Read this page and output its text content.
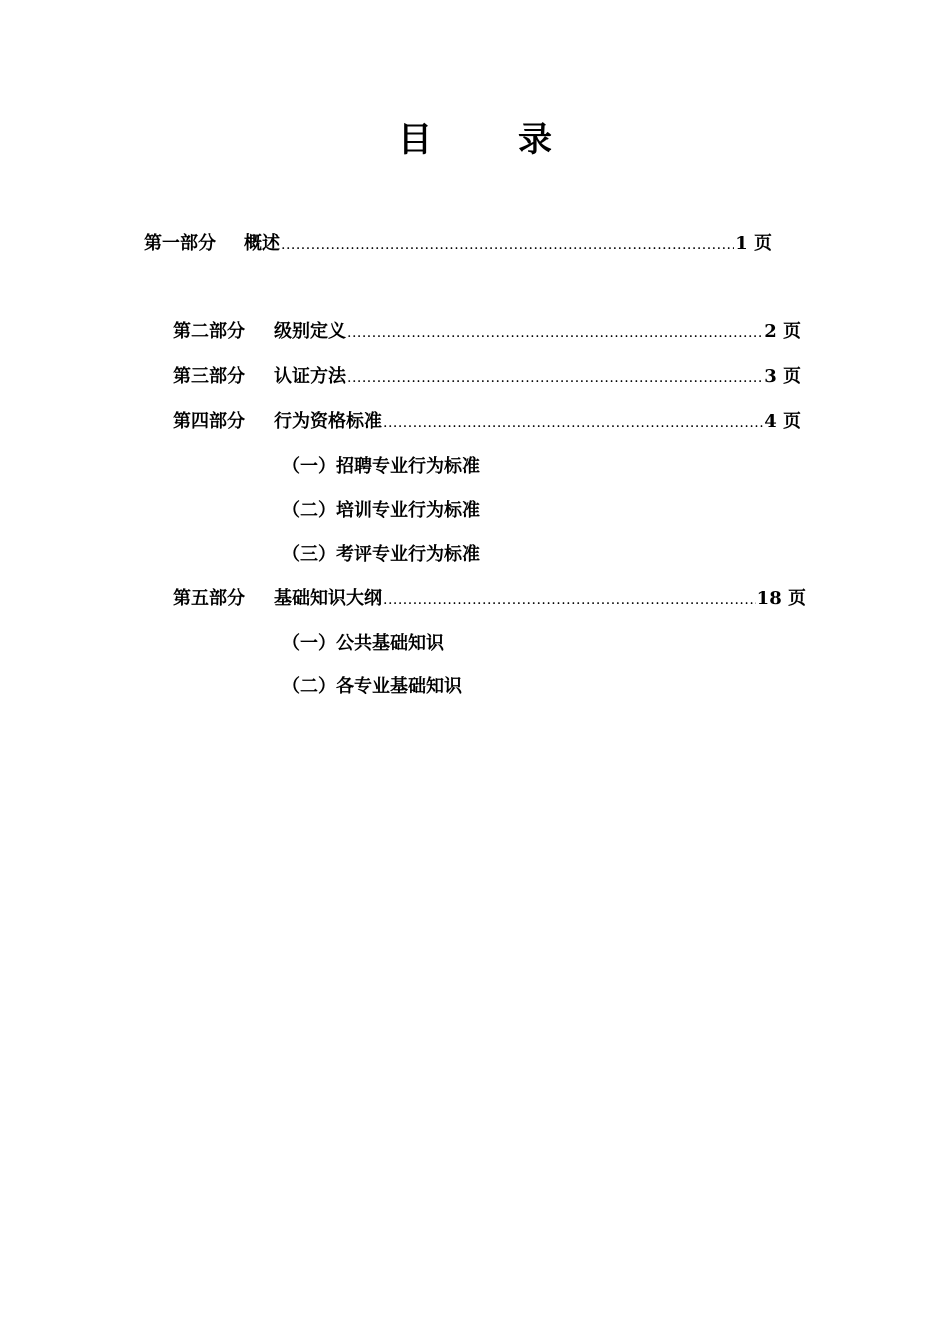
目	录
第一部分	概述 .....	1 页
第二部分	级别定义 .....	2 页
第三部分	认证方法 .....	3 页
第四部分	行为资格标准 .....	4 页
（一）招聘专业行为标准
（二）培训专业行为标准
（三）考评专业行为标准
第五部分	基础知识大纲 .....	18 页
（一）公共基础知识
（二）各专业基础知识
